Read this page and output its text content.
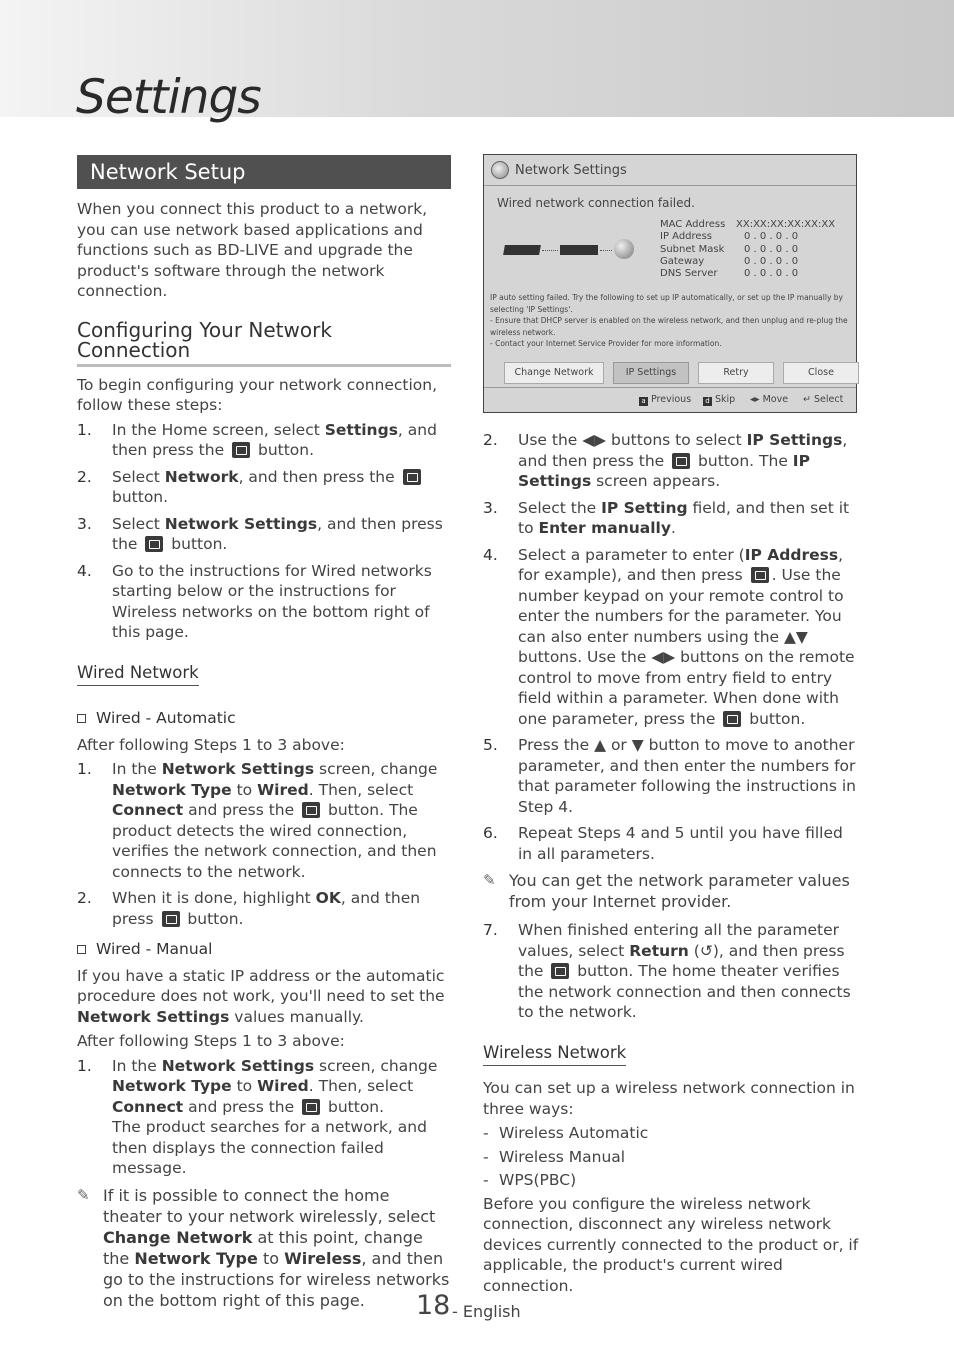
Settings
Network Setup

When you connect this product to a network, you can use network based applications and functions such as BD-LIVE and upgrade the product's software through the network connection.

Configuring Your Network Connection

To begin configuring your network connection, follow these steps:

1.	In the Home screen, select Settings, and then press the  button.
2.	Select Network, and then press the  button.
3.	Select Network Settings, and then press the  button.
4.	Go to the instructions for Wired networks starting below or the instructions for Wireless networks on the bottom right of this page.
Wired Network
Wired - Automatic

After following Steps 1 to 3 above:

1.	In the Network Settings screen, change Network Type to Wired. Then, select Connect and press the  button. The product detects the wired connection, verifies the network connection, and then connects to the network.
2.	When it is done, highlight OK, and then press  button.
Wired - Manual

If you have a static IP address or the automatic procedure does not work, you'll need to set the Network Settings values manually.

After following Steps 1 to 3 above:

1.	In the Network Settings screen, change Network Type to Wired. Then, select Connect and press the  button.
The product searches for a network, and then displays the connection failed message.
✎ If it is possible to connect the home theater to your network wirelessly, select Change Network at this point, change the Network Type to Wireless, and then go to the instructions for wireless networks on the bottom right of this page.
Network Settings
Wired network connection failed.
MAC Address	XX:XX:XX:XX:XX:XX
IP Address	0 . 0 . 0 . 0
Subnet Mask	0 . 0 . 0 . 0
Gateway	0 . 0 . 0 . 0
DNS Server	0 . 0 . 0 . 0
IP auto setting failed. Try the following to set up IP automatically, or set up the IP manually by selecting 'IP Settings'.
- Ensure that DHCP server is enabled on the wireless network, and then unplug and re-plug the wireless network.
- Contact your Internet Service Provider for more information.
Change Network	IP Settings	Retry	Close
a Previous	d Skip ◂▸ Move ↵ Select
2.	Use the ◀▶ buttons to select IP Settings, and then press the  button. The IP Settings screen appears.
3.	Select the IP Setting field, and then set it to Enter manually.
4.	Select a parameter to enter (IP Address, for example), and then press . Use the number keypad on your remote control to enter the numbers for the parameter. You can also enter numbers using the ▲▼ buttons. Use the ◀▶ buttons on the remote control to move from entry field to entry field within a parameter. When done with one parameter, press the  button.
5.	Press the ▲ or ▼ button to move to another parameter, and then enter the numbers for that parameter following the instructions in Step 4.
6.	Repeat Steps 4 and 5 until you have filled in all parameters.
✎ You can get the network parameter values from your Internet provider.
7.	When finished entering all the parameter values, select Return (↺), and then press the  button. The home theater verifies the network connection and then connects to the network.
Wireless Network

You can set up a wireless network connection in three ways:

- Wireless Automatic
- Wireless Manual
- WPS(PBC)

Before you configure the wireless network connection, disconnect any wireless network devices currently connected to the product or, if applicable, the product's current wired connection.

18 - English
